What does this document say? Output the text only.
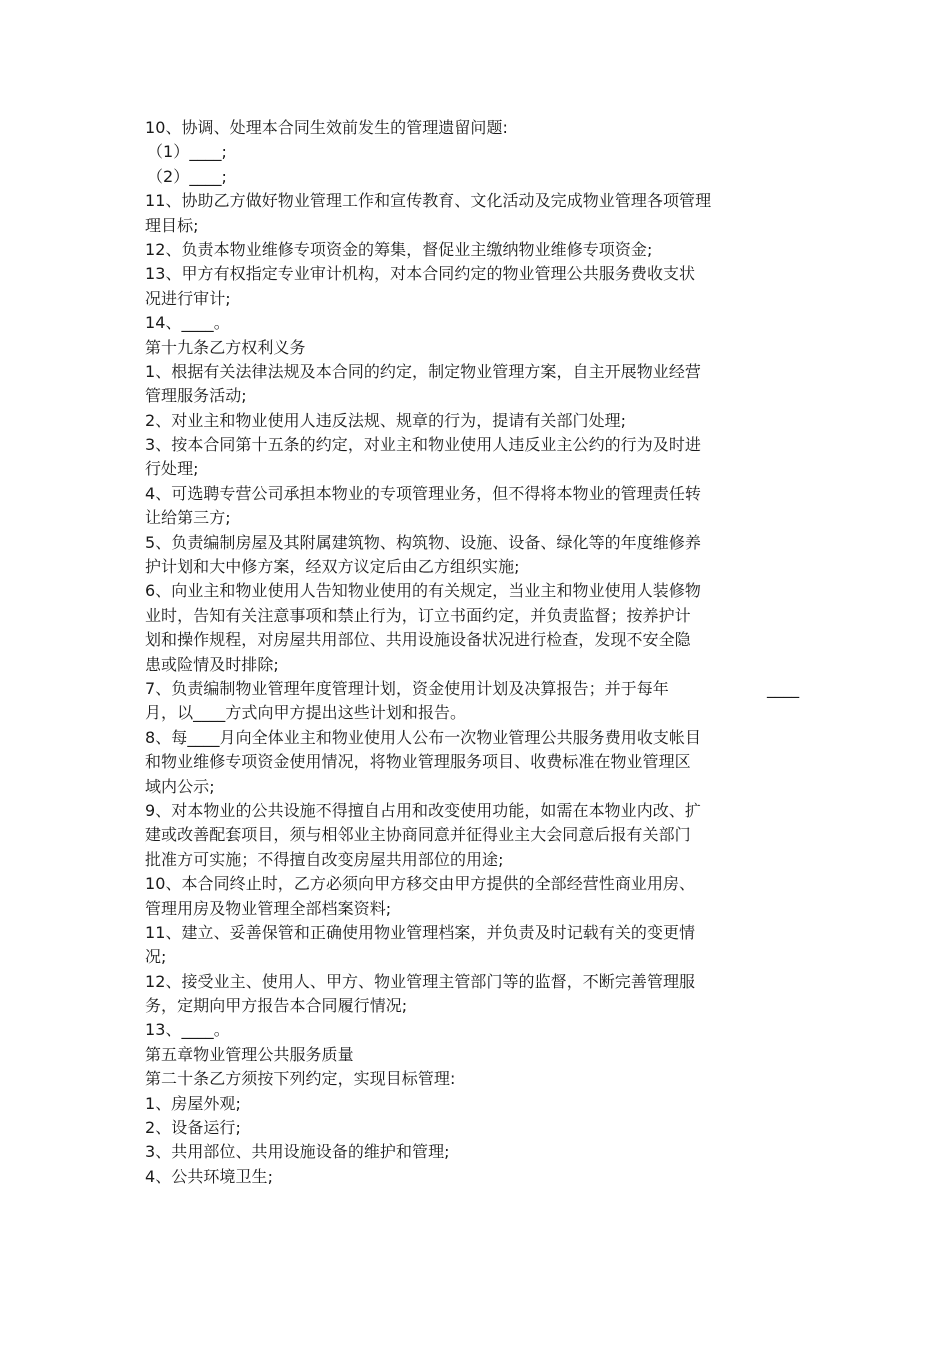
10、协调、处理本合同生效前发生的管理遗留问题:
（1）____;
（2）____;
11、协助乙方做好物业管理工作和宣传教育、文化活动及完成物业管理各项管理
理目标;
12、负责本物业维修专项资金的筹集，督促业主缴纳物业维修专项资金;
13、甲方有权指定专业审计机构，对本合同约定的物业管理公共服务费收支状
况进行审计;
14、____。
第十九条乙方权利义务
1、根据有关法律法规及本合同的约定，制定物业管理方案，自主开展物业经营
管理服务活动;
2、对业主和物业使用人违反法规、规章的行为，提请有关部门处理;
3、按本合同第十五条的约定，对业主和物业使用人违反业主公约的行为及时进
行处理;
4、可选聘专营公司承担本物业的专项管理业务，但不得将本物业的管理责任转
让给第三方;
5、负责编制房屋及其附属建筑物、构筑物、设施、设备、绿化等的年度维修养
护计划和大中修方案，经双方议定后由乙方组织实施;
6、向业主和物业使用人告知物业使用的有关规定，当业主和物业使用人装修物
业时，告知有关注意事项和禁止行为，订立书面约定，并负责监督；按养护计
划和操作规程，对房屋共用部位、共用设施设备状况进行检查，发现不安全隐
患或险情及时排除;
7、负责编制物业管理年度管理计划，资金使用计划及决算报告；并于每年	____
月，以____方式向甲方提出这些计划和报告。
8、每____月向全体业主和物业使用人公布一次物业管理公共服务费用收支帐目
和物业维修专项资金使用情况，将物业管理服务项目、收费标准在物业管理区
域内公示;
9、对本物业的公共设施不得擅自占用和改变使用功能，如需在本物业内改、扩
建或改善配套项目，须与相邻业主协商同意并征得业主大会同意后报有关部门
批准方可实施；不得擅自改变房屋共用部位的用途;
10、本合同终止时，乙方必须向甲方移交由甲方提供的全部经营性商业用房、
管理用房及物业管理全部档案资料;
11、建立、妥善保管和正确使用物业管理档案，并负责及时记载有关的变更情
况;
12、接受业主、使用人、甲方、物业管理主管部门等的监督，不断完善管理服
务，定期向甲方报告本合同履行情况;
13、____。
第五章物业管理公共服务质量
第二十条乙方须按下列约定，实现目标管理:
1、房屋外观;
2、设备运行;
3、共用部位、共用设施设备的维护和管理;
4、公共环境卫生;
